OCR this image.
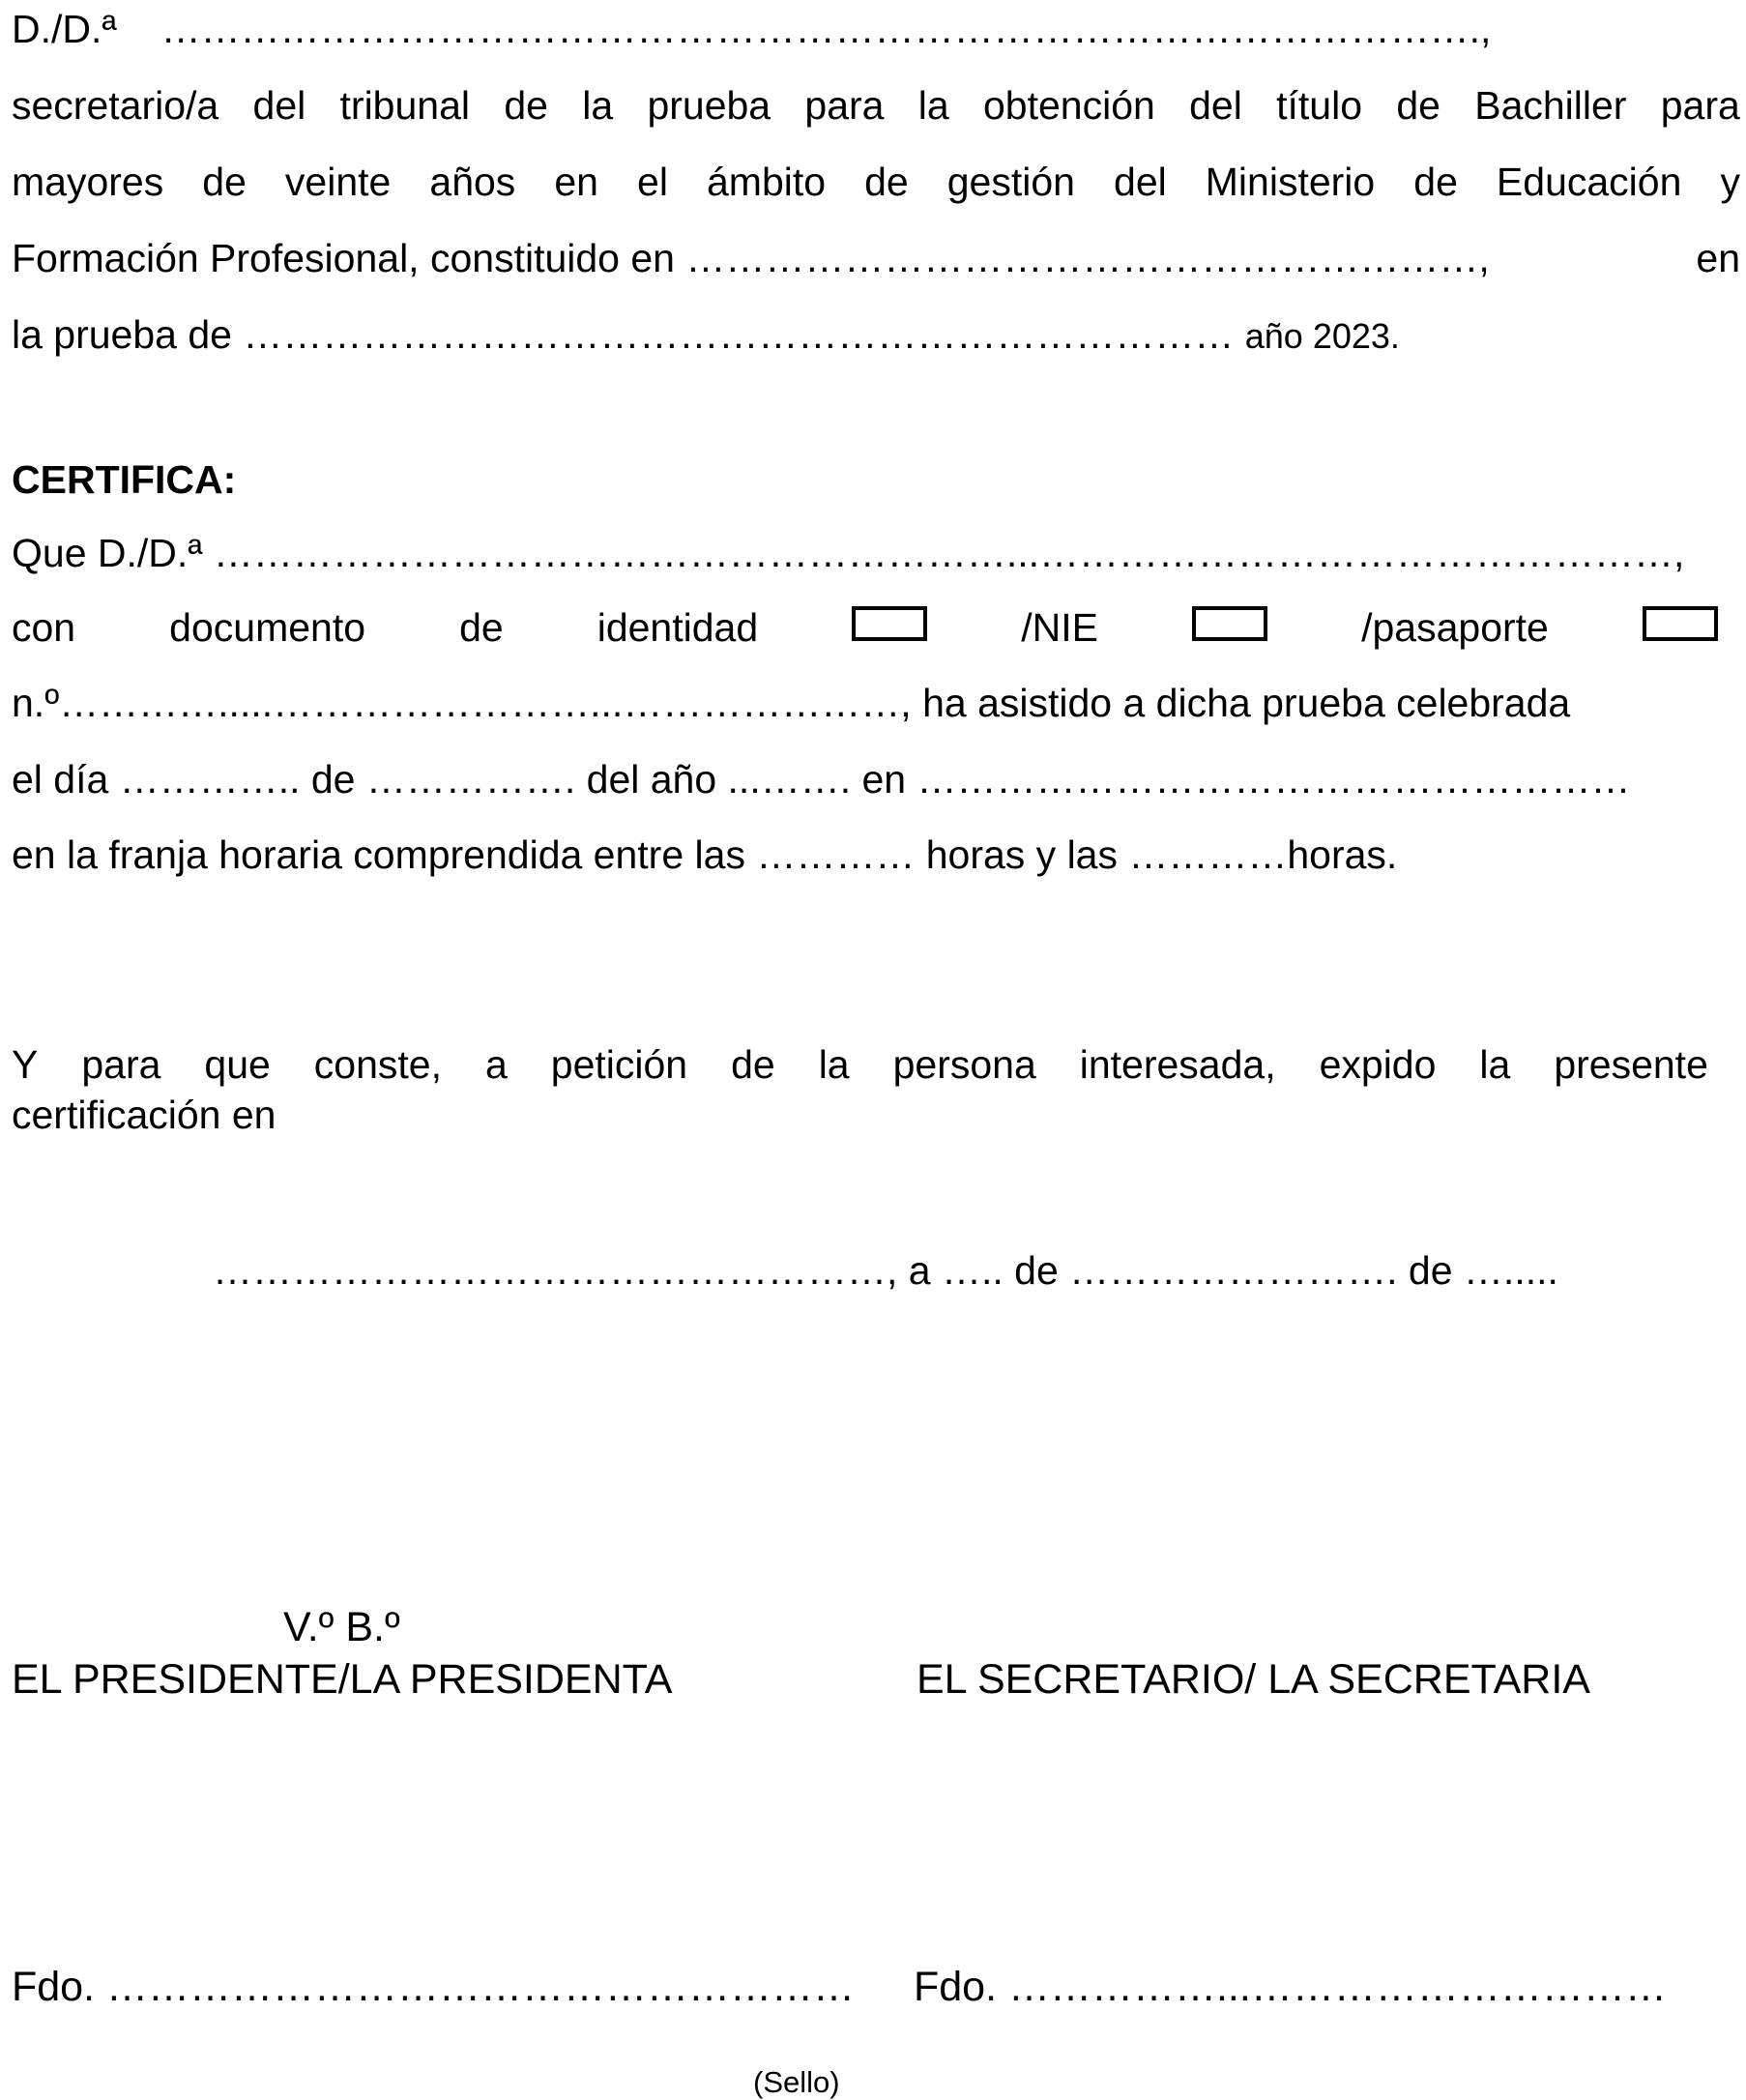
D./D.ª ……………………………………………………………………………………….,
secretario/a del tribunal de la prueba para la obtención del título de Bachiller para
mayores de veinte años en el ámbito de gestión del Ministerio de Educación y
Formación Profesional, constituido en ……………………………………………………,	en
la prueba de ………………………………………………………………… año 2023.
CERTIFICA:
Que D./D.ª ……………………………………………………...…………………………………………,
con documento de identidad	/NIE	/pasaporte
n.º………….....……………………...…………………, ha asistido a dicha prueba celebrada
el día ………….. de ……………. del año ...……. en ………………………………………………
en la franja horaria comprendida entre las ………… horas y las …………horas.
Y para que conste, a petición de la persona interesada, expido la presente
certificación en
……………………………………………, a ….. de ……………………. de ….....
V.º B.º
EL PRESIDENTE/LA PRESIDENTA	EL SECRETARIO/ LA SECRETARIA
Fdo. ……………………………………………… Fdo. ……………...…………………………
(Sello)
